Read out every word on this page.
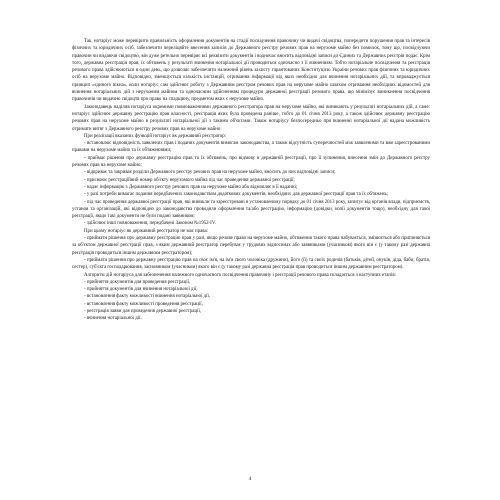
Так, нотаріус може перевірити правильність оформлення документів на стадії посвідчення правочину чи видачі свідоцтва, попередити порушення прав та інтересів фізичних та юридичних осіб, забезпечити переліцяйте внесення записів до Державного реєстру речових прав на нерухоме майно без помилок, тому що, посвідчуючи правочин чи видаючи свідоцтво, він дуже ретельно перевіряє всі реквізити документів і водночас вносить відповідні записи до Єдиних та Державних реєстрів подає. Крім того, державна реєстрація прав, їх обтяжень у результаті вчинення нотаріальної дії проводиться одночасно з її вчиненням. Тобто нотаріальне посвідчення та реєстрація речового права здійснюються в один день, що дозволяє забезпечити належний рівень захисту гарантованих Конституцією України речових прав фізичних та юридичних осіб на нерухоме майно. Відповідно, зменшується кількість інстанцій, отримання інформації від яких необхідно для вчинення нотаріальних дій, та впроваджується принцип «єдиного вікна», коли нотаріус сам здійснює роботу з Державним реєстром речових прав на нерухоме майно шляхом отримання необхідних відомостей для вчинення нотаріальних дій з нерухомим майном та одночасним здійсненням процедури державної реєстрації речового права, що мінімізує виникнення посвідчення правочинів чи видачею свідоцтв про право на спадщину, предметом яких є нерухоме майно.

Законодавець наділив нотаріуса окремими повноваженнями державного реєстратора прав на нерухоме майно, які виникають у результаті нотаріальних дій, а саме: нотаріус здійснює державну реєстрацію прав власності, реєстрація яких була проведена раніше, тобто до 01 січня 2013 року, а також здійснює державну реєстрацію речових прав на нерухоме майно в результаті нотаріальної дії з такими об'єктами. Також нотаріусу безпосередньо при вчиненні нотаріальної дії надана можливість отримати витяг з Державного реєстру речових прав на нерухоме майно.

При реалізації вказаних функцій нотаріус як державний реєстратор:

- встановлює відповідність заявлених прав і поданих документів вимогам законодавства, а також відсутність суперечностей між заявленими та вже зареєстрованими правами на нерухоме майно та їх обтяженнями;

- приймає рішення про державну реєстрацію прав та їх обтяжень, про відмову в державній реєстрації, про її зупинення, внесення змін до Державного реєстру речових прав на нерухоме майно;

- відкриває та закриває розділи Державного реєстру речових прав на нерухоме майно, вносить до них відповідні записи;

- присвоює реєстраційний номер об'єкту нерухомого майна під час проведення державної реєстрації;

- надає інформацію з Державного реєстру речових прав на нерухоме майно або відмовляє в її наданні;

- у разі потреби вимагає подання передбачених законодавством додаткових документів, необхідних для державної реєстрації прав та їх обтяжень;

- під час проведення державної реєстрації прав, які виникли та зареєстровані в установленому порядку до 01 січня 2013 року, запитує від органів влади, підприємств, установ та організацій, які відповідно до законодавства проводили оформлення та/або реєстрацію, інформацію (довідки, копії документів тощо), необхідну для такої реєстрації, якщо такі документи не були подані заявником;

- здійснює інші повноваження, передбачені Законом №1952-IV.

При цьому нотаріус як державний реєстратор не має права:

- приймати рішення про державну реєстрацію прав у разі, якщо речове право на нерухоме майно, обтяження такого права набувається, змінюється або припиняється за об'єктом державної реєстрації прав, з яким державний реєстратор перебуває у трудових відносинах або заявниками (учасником) якого він є (у такому разі державна реєстрація проводиться іншим державним реєстратором);

- приймати рішення про державну реєстрацію прав на своє ім'я, на ім'я свого чоловіка (дружини), його (її) та своїх родичів (батьків, дітей, онуків, діда, баби, братів, сестер), суб'єкта господарювання, засновником (учасником) якого він є (у такому разі державна реєстрація прав проводиться іншим державним реєстратором).

Алгоритм дій нотаріуса для забезпечення належного одночасного посвідчення правочину і реєстрації речового права складається з наступних етапів:

- прийняття документів для проведення реєстрації,

- прийняття документів для вчинення нотаріальної дії,

- встановлення факту можливості вчинення нотаріальної дії,

- встановлення факту можливості проведення реєстрації,

- реєстрація заяви для проведення державної реєстрації,

- вчинення нотаріальної дії.

4
